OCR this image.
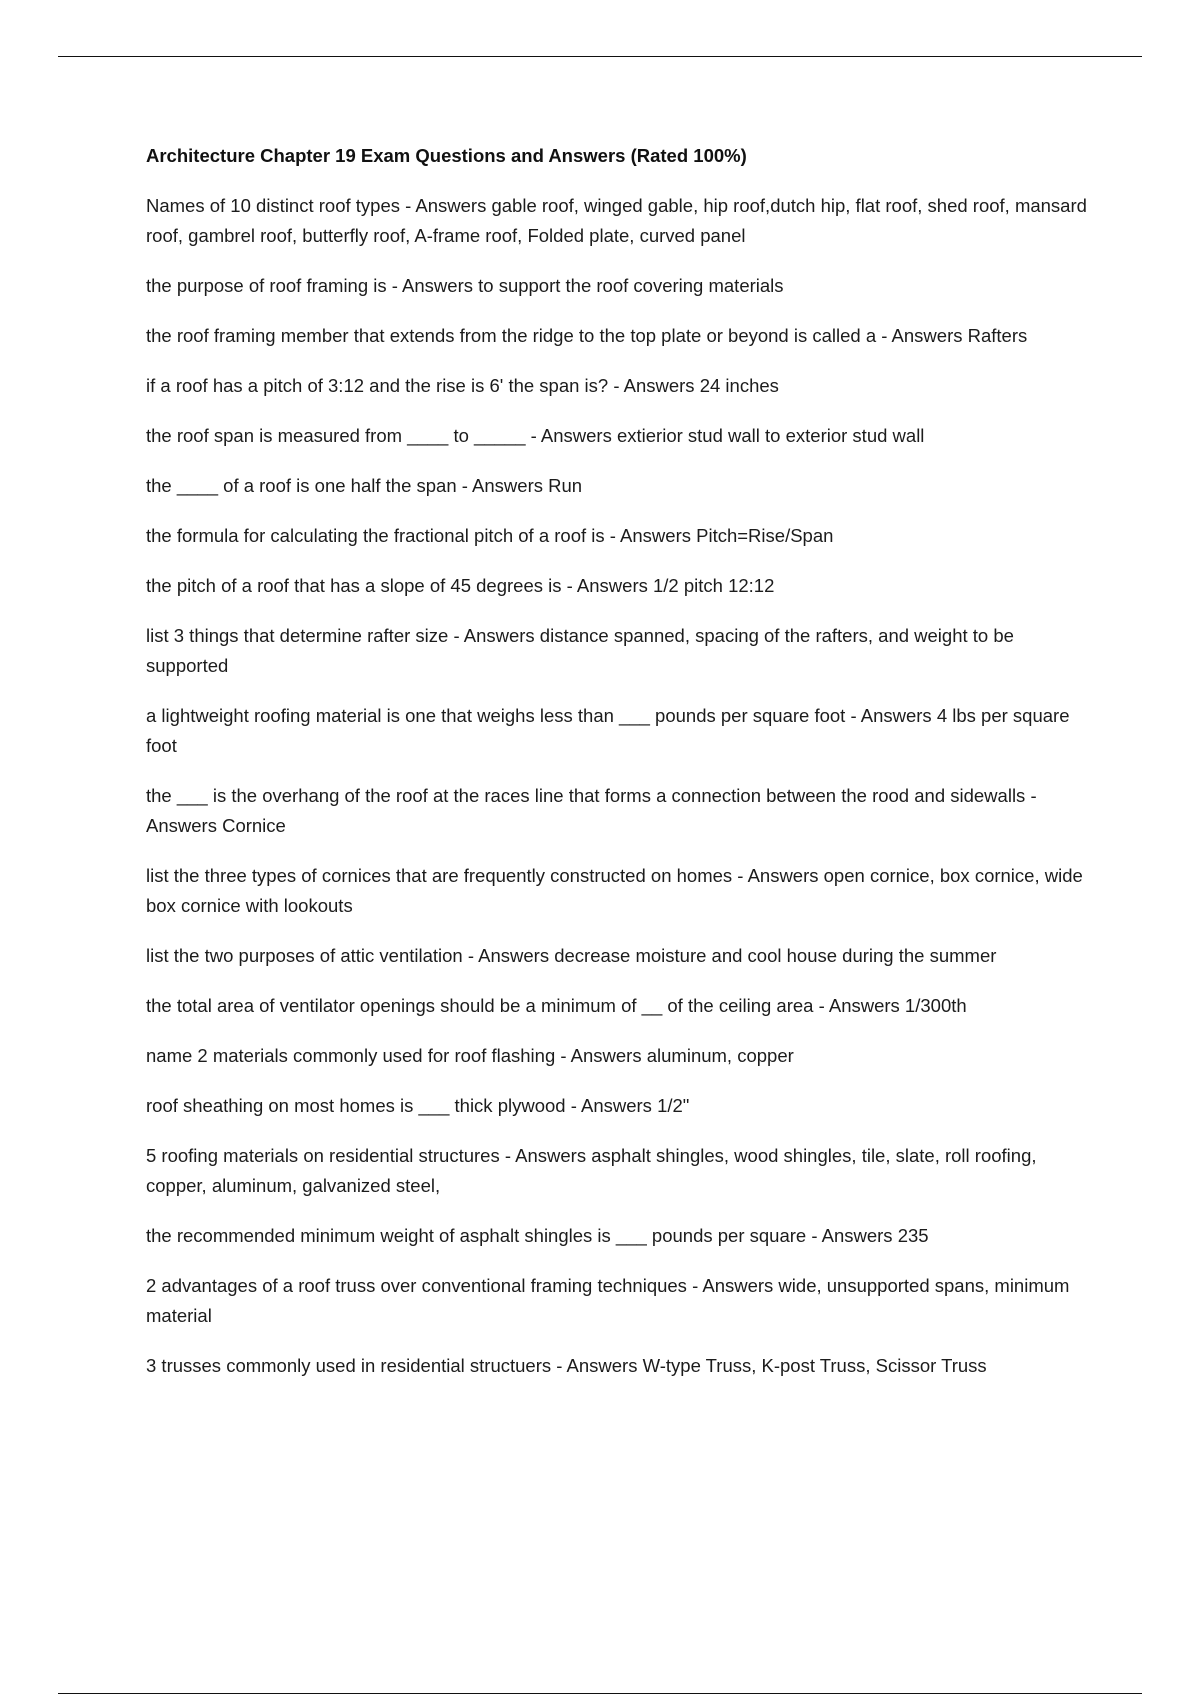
Architecture Chapter 19 Exam Questions and Answers (Rated 100%)

Names of 10 distinct roof types - Answers gable roof, winged gable, hip roof,dutch hip, flat roof, shed roof, mansard roof, gambrel roof, butterfly roof, A-frame roof, Folded plate, curved panel

the purpose of roof framing is - Answers to support the roof covering materials

the roof framing member that extends from the ridge to the top plate or beyond is called a - Answers Rafters

if a roof has a pitch of 3:12 and the rise is 6' the span is? - Answers 24 inches

the roof span is measured from ____ to _____ - Answers extierior stud wall to exterior stud wall

the ____ of a roof is one half the span - Answers Run

the formula for calculating the fractional pitch of a roof is - Answers Pitch=Rise/Span

the pitch of a roof that has a slope of 45 degrees is - Answers 1/2 pitch 12:12

list 3 things that determine rafter size - Answers distance spanned, spacing of the rafters, and weight to be supported

a lightweight roofing material is one that weighs less than ___ pounds per square foot - Answers 4 lbs per square foot

the ___ is the overhang of the roof at the races line that forms a connection between the rood and sidewalls - Answers Cornice

list the three types of cornices that are frequently constructed on homes - Answers open cornice, box cornice, wide box cornice with lookouts

list the two purposes of attic ventilation - Answers decrease moisture and cool house during the summer

the total area of ventilator openings should be a minimum of __ of the ceiling area - Answers 1/300th

name 2 materials commonly used for roof flashing - Answers aluminum, copper

roof sheathing on most homes is ___ thick plywood - Answers 1/2"

5 roofing materials on residential structures - Answers asphalt shingles, wood shingles, tile, slate, roll roofing, copper, aluminum, galvanized steel,

the recommended minimum weight of asphalt shingles is ___ pounds per square - Answers 235

2 advantages of a roof truss over conventional framing techniques - Answers wide, unsupported spans, minimum material

3 trusses commonly used in residential structuers - Answers W-type Truss, K-post Truss, Scissor Truss
